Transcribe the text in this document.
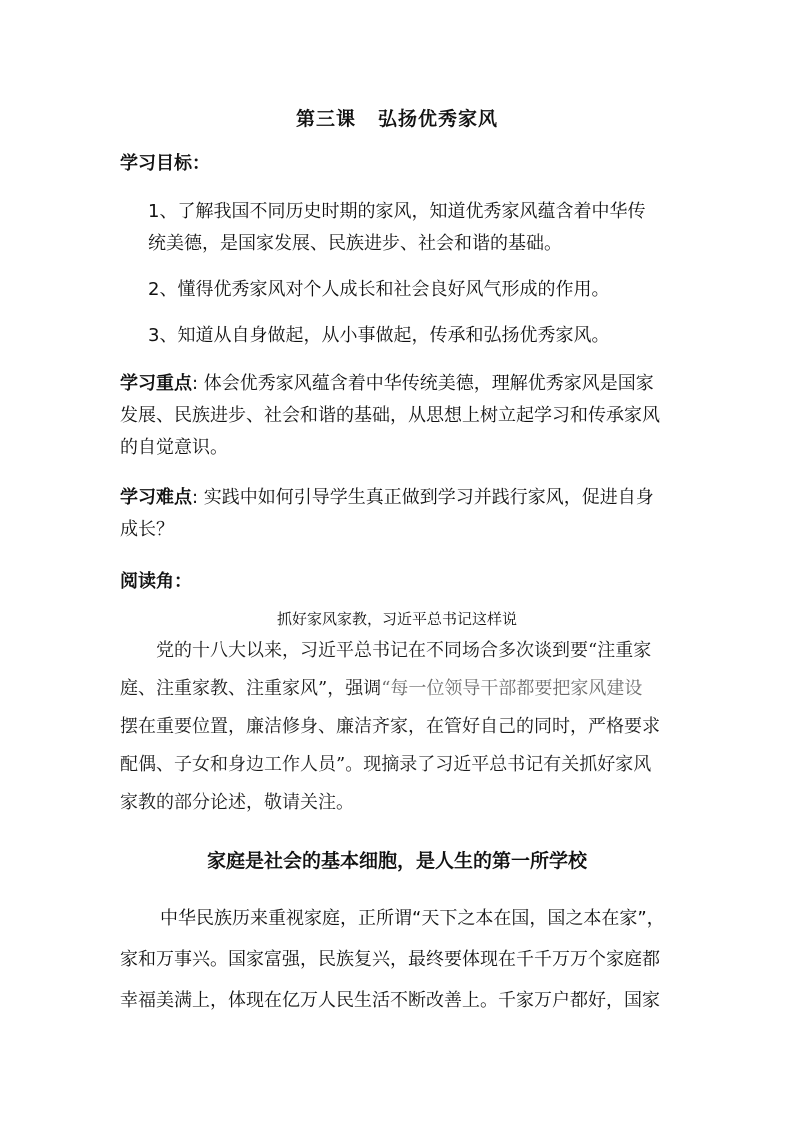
第三课 弘扬优秀家风
学习目标：
1、了解我国不同历史时期的家风，知道优秀家风蕴含着中华传
统美德，是国家发展、民族进步、社会和谐的基础。
2、懂得优秀家风对个人成长和社会良好风气形成的作用。
3、知道从自身做起，从小事做起，传承和弘扬优秀家风。
学习重点: 体会优秀家风蕴含着中华传统美德，理解优秀家风是国家
发展、民族进步、社会和谐的基础，从思想上树立起学习和传承家风
的自觉意识。
学习难点: 实践中如何引导学生真正做到学习并践行家风，促进自身
成长？
阅读角：
抓好家风家教，习近平总书记这样说
党的十八大以来，习近平总书记在不同场合多次谈到要“注重家
庭、注重家教、注重家风”，强调“每一位领导干部都要把家风建设
摆在重要位置，廉洁修身、廉洁齐家，在管好自己的同时，严格要求
配偶、子女和身边工作人员”。现摘录了习近平总书记有关抓好家风
家教的部分论述，敬请关注。
家庭是社会的基本细胞，是人生的第一所学校
中华民族历来重视家庭，正所谓“天下之本在国，国之本在家”，
家和万事兴。国家富强，民族复兴，最终要体现在千千万万个家庭都
幸福美满上，体现在亿万人民生活不断改善上。千家万户都好，国家
